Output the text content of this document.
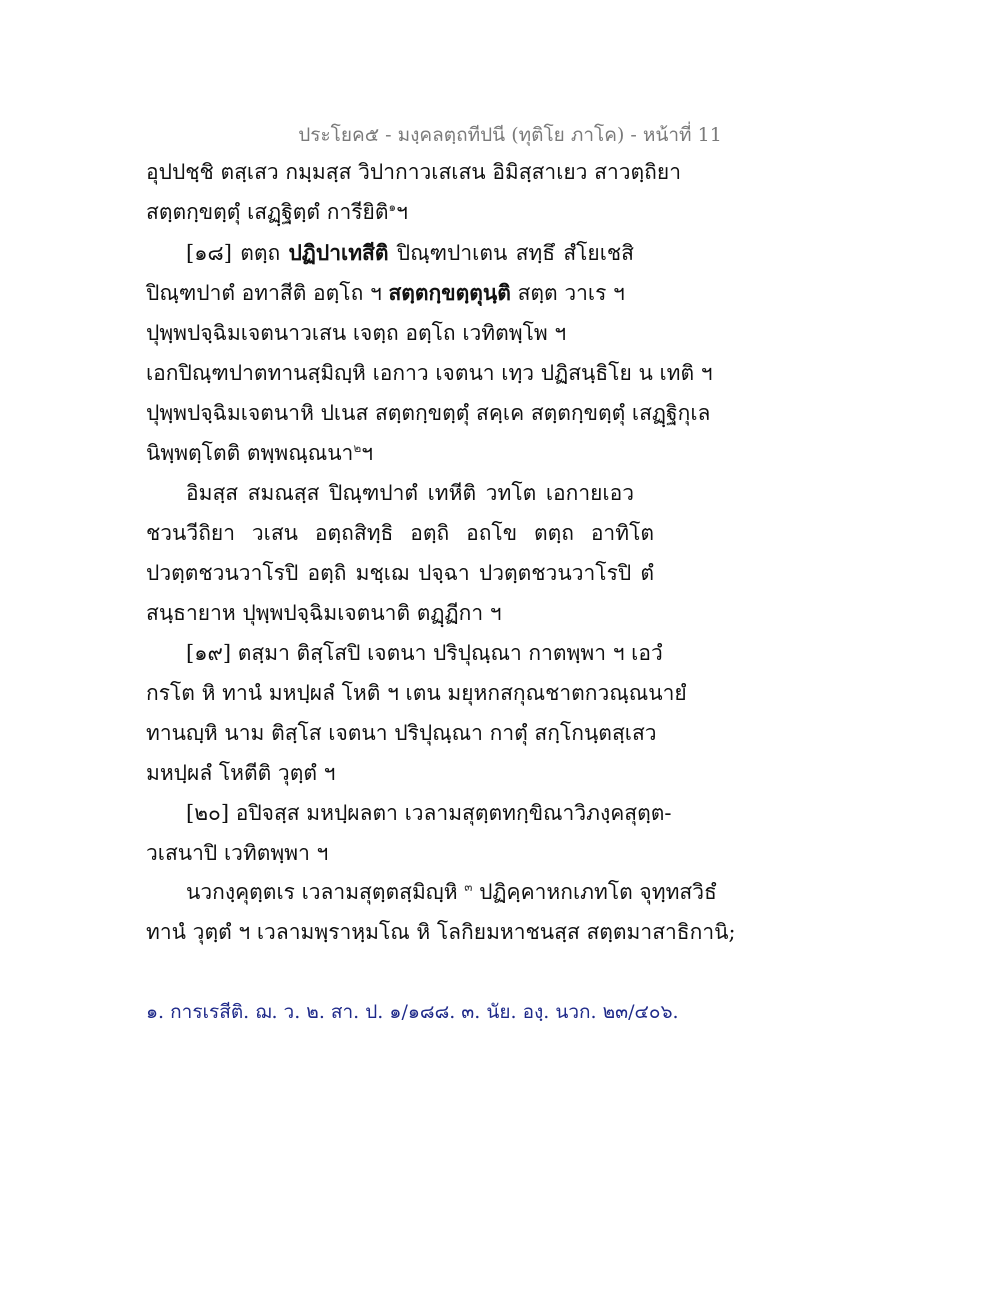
ประโยค๕ - มงฺคลตฺถทีปนี (ทุติโย ภาโค) - หน้าที่ 11
อุปปชฺชิ ตสฺเสว กมฺมสฺส วิปากาวเสเสน อิมิสฺสาเยว สาวตฺถิยา
สตฺตกฺขตฺตุํ เสฏฺฐิตฺตํ การียิติ$^๑$ฯ
[๑๘] ตตฺถ ปฏิปาเทสีติ ปิณฺฑปาเตน สทฺธึ สํโยเชสิ
ปิณฺฑปาตํ อทาสีติ อตฺโถ ฯ สตฺตกฺขตฺตุนฺติ สตฺต วาเร ฯ
ปุพฺพปจฺฉิมเจตนาวเสน เจตฺถ อตฺโถ เวทิตพฺโพ ฯ
เอกปิณฺฑปาตทานสฺมิญฺหิ เอกาว เจตนา เทฺว ปฏิสนฺธิโย น เทติ ฯ
ปุพฺพปจฺฉิมเจตนาหิ ปเนส สตฺตกฺขตฺตุํ สคฺเค สตฺตกฺขตฺตุํ เสฏฺฐิกุเล
นิพฺพตฺโตติ ตพฺพณฺณนา$^๒$ฯ
อิมสฺส สมณสฺส ปิณฺฑปาตํ เทหีติ วทโต เอกายเอว
ชวนวีถิยา วเสน อตฺถสิทฺธิ อตฺถิ อถโข ตตฺถ อาทิโต
ปวตฺตชวนวาโรปิ อตฺถิ มชฺเฌ ปจฺฉา ปวตฺตชวนวาโรปิ ตํ
สนฺธายาห ปุพฺพปจฺฉิมเจตนาติ ตฏฺฏีกา ฯ
[๑๙] ตสฺมา ติสฺโสปิ เจตนา ปริปุณฺณา กาตพฺพา ฯ เอวํ
กรโต หิ ทานํ มหปฺผลํ โหติ ฯ เตน มยุหกสกุณชาตกวณฺณนายํ
ทานญฺหิ นาม ติสฺโส เจตนา ปริปุณฺณา กาตุํ สกฺโกนฺตสฺเสว
มหปฺผลํ โหตีติ วุตฺตํ ฯ
[๒๐] อปิจสฺส มหปฺผลตา เวลามสุตฺตทกฺขิณาวิภงฺคสุตฺต-
วเสนาปิ เวทิตพฺพา ฯ
นวกงฺคุตฺตเร เวลามสุตฺตสฺมิญฺหิ $^๓$ ปฏิคฺคาหกเภทโต จุทฺทสวิธํ
ทานํ วุตฺตํ ฯ เวลามพฺราหฺมโณ หิ โลกิยมหาชนสฺส สตฺตมาสาธิกานิ;
๑. การเรสีติ. ฌ. ว. ๒. สา. ป. ๑/๑๘๘. ๓. นัย. องฺ. นวก. ๒๓/๔๐๖.
